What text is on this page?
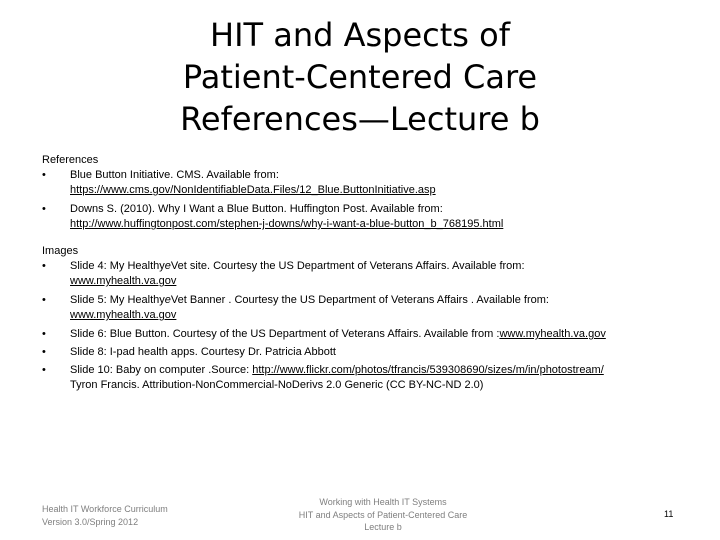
HIT and Aspects of
Patient-Centered Care
References—Lecture b
References
•	Blue Button Initiative. CMS. Available from:
https://www.cms.gov/NonIdentifiableData.Files/12_Blue.ButtonInitiative.asp
•	Downs S. (2010). Why I Want a Blue Button. Huffington Post. Available from:
http://www.huffingtonpost.com/stephen-j-downs/why-i-want-a-blue-button_b_768195.html
Images
•	Slide 4: My HealthyeVet site. Courtesy the US Department of Veterans Affairs. Available from:
www.myhealth.va.gov
•	Slide 5: My HealthyeVet Banner . Courtesy the US Department of Veterans Affairs . Available from:
www.myhealth.va.gov
•	Slide 6: Blue Button. Courtesy of the US Department of Veterans Affairs. Available from :www.myhealth.va.gov
•	Slide 8: I-pad health apps. Courtesy Dr. Patricia Abbott
•	Slide 10: Baby on computer .Source: http://www.flickr.com/photos/tfrancis/539308690/sizes/m/in/photostream/
Tyron Francis. Attribution-NonCommercial-NoDerivs 2.0 Generic (CC BY-NC-ND 2.0)
Health IT Workforce Curriculum
Version 3.0/Spring 2012
Working with Health IT Systems
HIT and Aspects of Patient-Centered Care
Lecture b
11
